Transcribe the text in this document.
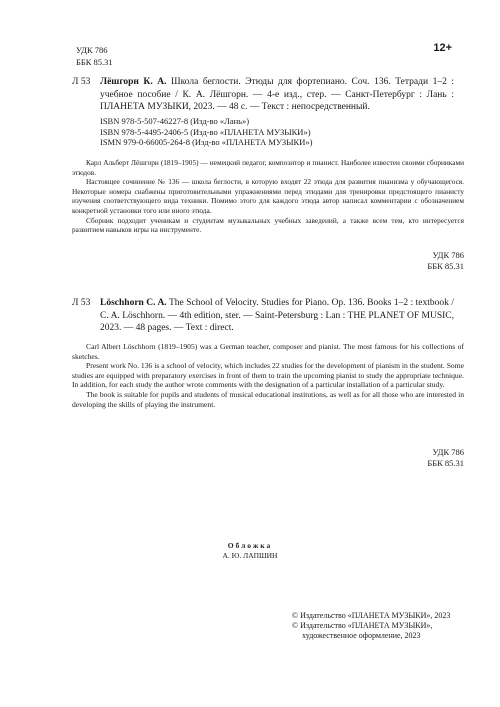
УДК 786
ББК 85.31
12+
Л 53 Лёшгорн К. А. Школа беглости. Этюды для фортепиано. Соч. 136. Тетради 1–2 : учебное пособие / К. А. Лёшгорн. — 4-е изд., стер. — Санкт-Петербург : Лань : ПЛАНЕТА МУЗЫКИ, 2023. — 48 с. — Текст : непосредственный.
ISBN 978-5-507-46227-8 (Изд-во «Лань»)
ISBN 978-5-4495-2406-5 (Изд-во «ПЛАНЕТА МУЗЫКИ»)
ISMN 979-0-66005-264-8 (Изд-во «ПЛАНЕТА МУЗЫКИ»)

Карл Альберт Лёшгорн (1819–1905) — немецкий педагог, композитор и пианист. Наиболее известен своими сборниками этюдов.

Настоящее сочинение № 136 — школа беглости, в которую входят 22 этюда для развития пианизма у обучающегося. Некоторые номера снабжены приготовительными упражнениями перед этюдами для тренировки предстоящего пианисту изучения соответствующего вида техники. Помимо этого для каждого этюда автор написал комментарии с обозначением конкретной установки того или иного этюда.

Сборник подходит ученикам и студентам музыкальных учебных заведений, а также всем тем, кто интересуется развитием навыков игры на инструменте.

УДК 786
ББК 85.31
Л 53 Löschhorn C. A. The School of Velocity. Studies for Piano. Op. 136. Books 1–2 : textbook / C. A. Löschhorn. — 4th edition, ster. — Saint-Petersburg : Lan : THE PLANET OF MUSIC, 2023. — 48 pages. — Text : direct.

Carl Albert Löschhorn (1819–1905) was a German teacher, composer and pianist. The most famous for his collections of sketches.

Present work No. 136 is a school of velocity, which includes 22 studies for the development of pianism in the student. Some studies are equipped with preparatory exercises in front of them to train the upcoming pianist to study the appropriate technique. In addition, for each study the author wrote comments with the designation of a particular installation of a particular study.

The book is suitable for pupils and students of musical educational institutions, as well as for all those who are interested in developing the skills of playing the instrument.

УДК 786
ББК 85.31
Обложка
А. Ю. ЛАПШИН
© Издательство «ПЛАНЕТА МУЗЫКИ», 2023
© Издательство «ПЛАНЕТА МУЗЫКИ»,
художественное оформление, 2023
